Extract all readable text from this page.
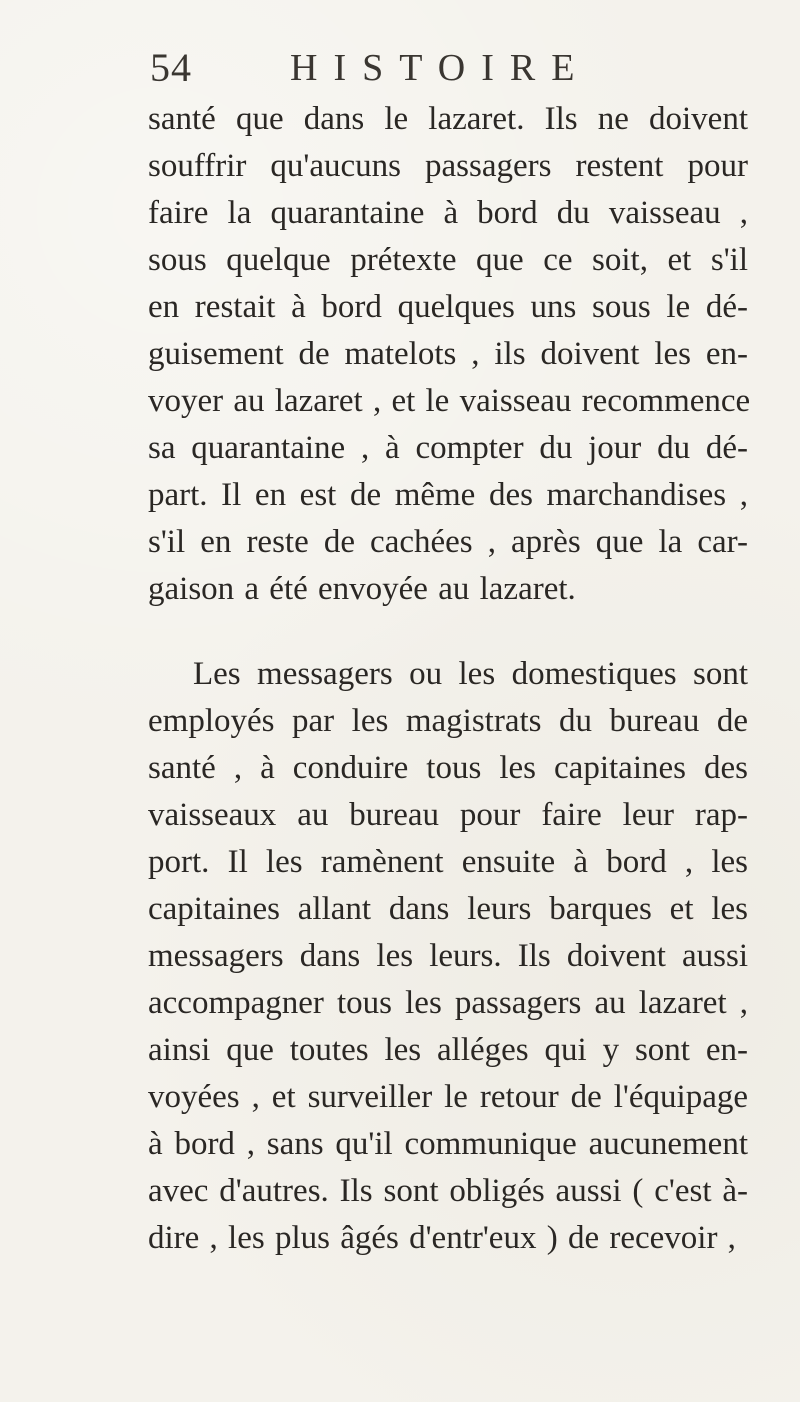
54	HISTOIRE
santé que dans le lazaret. Ils ne doivent
souffrir qu'aucuns passagers restent pour
faire la quarantaine à bord du vaisseau ,
sous quelque prétexte que ce soit, et s'il
en restait à bord quelques uns sous le dé-
guisement de matelots , ils doivent les en-
voyer au lazaret , et le vaisseau recommence
sa quarantaine , à compter du jour du dé-
part. Il en est de même des marchandises ,
s'il en reste de cachées , après que la car-
gaison a été envoyée au lazaret.
Les messagers ou les domestiques sont
employés par les magistrats du bureau de
santé , à conduire tous les capitaines des
vaisseaux au bureau pour faire leur rap-
port. Il les ramènent ensuite à bord , les
capitaines allant dans leurs barques et les
messagers dans les leurs. Ils doivent aussi
accompagner tous les passagers au lazaret ,
ainsi que toutes les alléges qui y sont en-
voyées , et surveiller le retour de l'équipage
à bord , sans qu'il communique aucunement
avec d'autres. Ils sont obligés aussi ( c'est à-
dire , les plus âgés d'entr'eux ) de recevoir ,
